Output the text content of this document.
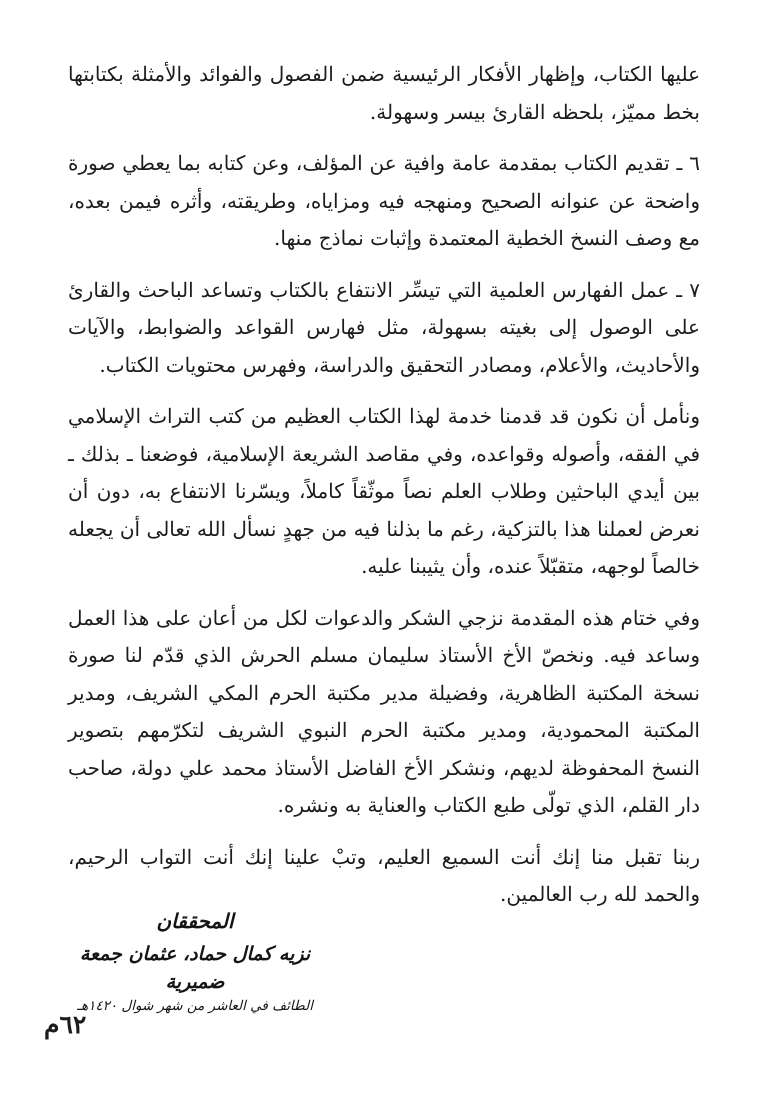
عليها الكتاب، وإظهار الأفكار الرئيسية ضمن الفصول والفوائد والأمثلة بكتابتها بخط مميّز، بلحظه القارئ بيسر وسهولة.

٦ ـ تقديم الكتاب بمقدمة عامة وافية عن المؤلف، وعن كتابه بما يعطي صورة واضحة عن عنوانه الصحيح ومنهجه فيه ومزاياه، وطريقته، وأثره فيمن بعده، مع وصف النسخ الخطية المعتمدة وإثبات نماذج منها.

٧ ـ عمل الفهارس العلمية التي تيسِّر الانتفاع بالكتاب وتساعد الباحث والقارئ على الوصول إلى بغيته بسهولة، مثل فهارس القواعد والضوابط، والآيات والأحاديث، والأعلام، ومصادر التحقيق والدراسة، وفهرس محتويات الكتاب.

ونأمل أن نكون قد قدمنا خدمة لهذا الكتاب العظيم من كتب التراث الإسلامي في الفقه، وأصوله وقواعده، وفي مقاصد الشريعة الإسلامية، فوضعنا ـ بذلك ـ بين أيدي الباحثين وطلاب العلم نصاً موثّقاً كاملاً، ويسّرنا الانتفاع به، دون أن نعرض لعملنا هذا بالتزكية، رغم ما بذلنا فيه من جهدٍ نسأل الله تعالى أن يجعله خالصاً لوجهه، متقبّلاً عنده، وأن يثيبنا عليه.

وفي ختام هذه المقدمة نزجي الشكر والدعوات لكل من أعان على هذا العمل وساعد فيه. ونخصّ الأخ الأستاذ سليمان مسلم الحرش الذي قدّم لنا صورة نسخة المكتبة الظاهرية، وفضيلة مدير مكتبة الحرم المكي الشريف، ومدير المكتبة المحمودية، ومدير مكتبة الحرم النبوي الشريف لتكرّمهم بتصوير النسخ المحفوظة لديهم، ونشكر الأخ الفاضل الأستاذ محمد علي دولة، صاحب دار القلم، الذي تولّى طبع الكتاب والعناية به ونشره.

ربنا تقبل منا إنك أنت السميع العليم، وتبْ علينا إنك أنت التواب الرحيم، والحمد لله رب العالمين.

المحققان
نزيه كمال حماد، عثمان جمعة ضميرية
الطائف في العاشر من شهر شوال ١٤٢٠هـ
٦٢م
